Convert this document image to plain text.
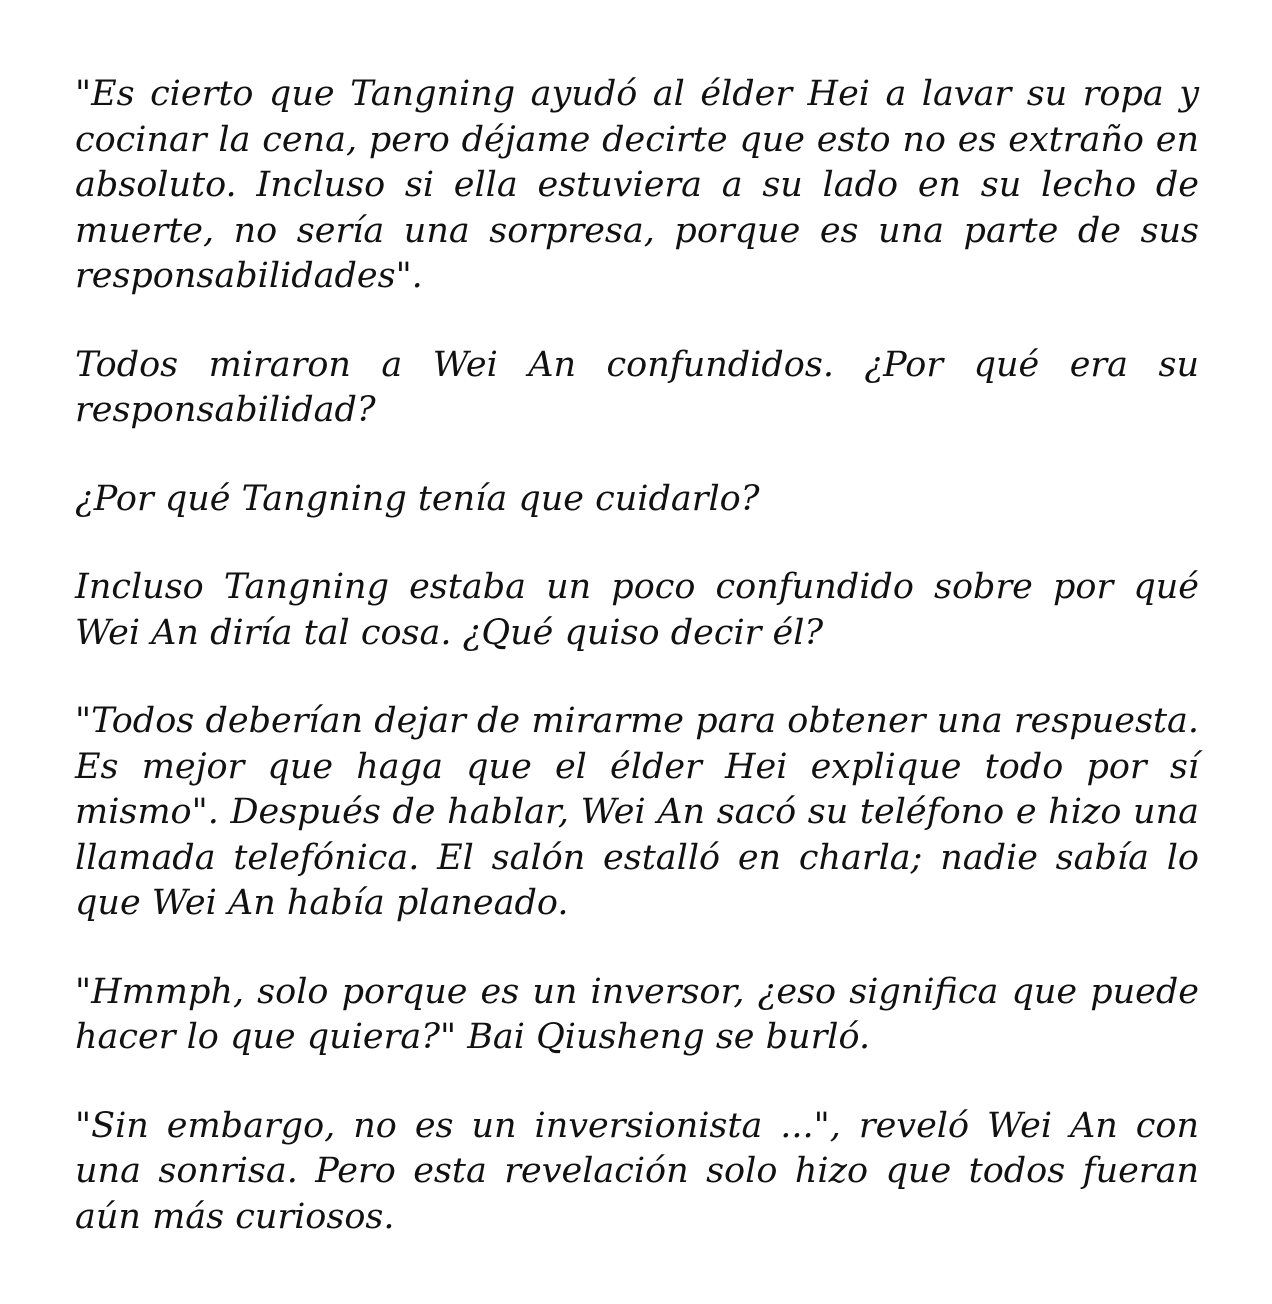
"Es cierto que Tangning ayudó al élder Hei a lavar su ropa y cocinar la cena, pero déjame decirte que esto no es extraño en absoluto. Incluso si ella estuviera a su lado en su lecho de muerte, no sería una sorpresa, porque es una parte de sus responsabilidades".

Todos miraron a Wei An confundidos. ¿Por qué era su responsabilidad?

¿Por qué Tangning tenía que cuidarlo?

Incluso Tangning estaba un poco confundido sobre por qué Wei An diría tal cosa. ¿Qué quiso decir él?

"Todos deberían dejar de mirarme para obtener una respuesta. Es mejor que haga que el élder Hei explique todo por sí mismo". Después de hablar, Wei An sacó su teléfono e hizo una llamada telefónica. El salón estalló en charla; nadie sabía lo que Wei An había planeado.

"Hmmph, solo porque es un inversor, ¿eso significa que puede hacer lo que quiera?" Bai Qiusheng se burló.

"Sin embargo, no es un inversionista ...", reveló Wei An con una sonrisa. Pero esta revelación solo hizo que todos fueran aún más curiosos.
